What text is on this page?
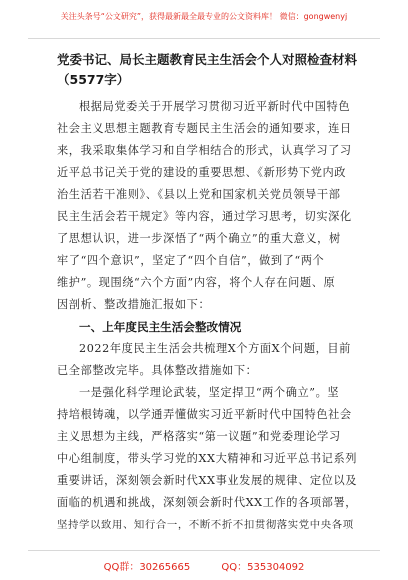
关注头条号“公文研究”，获得最新最全最专业的公文资料库！ 微信：gongwenyj

党委书记、局长主题教育民主生活会个人对照检查材料

（5577字）

根据局党委关于开展学习贯彻习近平新时代中国特色
社会主义思想主题教育专题民主生活会的通知要求，连日
来，我采取集体学习和自学相结合的形式，认真学习了习
近平总书记关于党的建设的重要思想、《新形势下党内政
治生活若干准则》、《县以上党和国家机关党员领导干部
民主生活会若干规定》等内容，通过学习思考，切实深化
了思想认识，进一步深悟了“两个确立”的重大意义，树
牢了“四个意识”，坚定了“四个自信”，做到了“两个
维护”。现围绕“六个方面”内容，将个人存在问题、原
因剖析、整改措施汇报如下：
一、上年度民主生活会整改情况
2022年度民主生活会共梳理X个方面X个问题，目前
已全部整改完毕。具体整改措施如下：
一是强化科学理论武装，坚定捍卫“两个确立”。坚
持培根铸魂，以学通弄懂做实习近平新时代中国特色社会
主义思想为主线，严格落实“第一议题”和党委理论学习
中心组制度，带头学习党的XX大精神和习近平总书记系列
重要讲话，深刻领会新时代XX事业发展的规律、定位以及
面临的机遇和挑战，深刻领会新时代XX工作的各项部署，
坚持学以致用、知行合一，不断不折不扣贯彻落实党中央各项
QQ群：30265665	QQ：535304092
